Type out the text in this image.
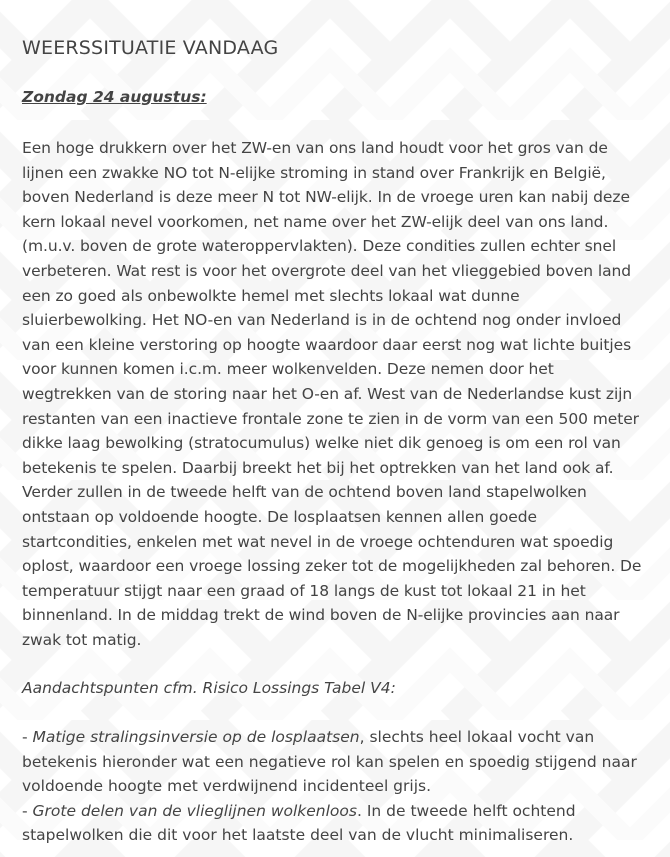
WEERSSITUATIE VANDAAG

Zondag 24 augustus:

Een hoge drukkern over het ZW-en van ons land houdt voor het gros van de lijnen een zwakke NO tot N-elijke stroming in stand over Frankrijk en België, boven Nederland is deze meer N tot NW-elijk. In de vroege uren kan nabij deze kern lokaal nevel voorkomen, net name over het ZW-elijk deel van ons land. (m.u.v. boven de grote wateroppervlakten). Deze condities zullen echter snel verbeteren. Wat rest is voor het overgrote deel van het vlieggebied boven land een zo goed als onbewolkte hemel met slechts lokaal wat dunne sluierbewolking. Het NO-en van Nederland is in de ochtend nog onder invloed van een kleine verstoring op hoogte waardoor daar eerst nog wat lichte buitjes voor kunnen komen i.c.m. meer wolkenvelden. Deze nemen door het wegtrekken van de storing naar het O-en af. West van de Nederlandse kust zijn restanten van een inactieve frontale zone te zien in de vorm van een 500 meter dikke laag bewolking (stratocumulus) welke niet dik genoeg is om een rol van betekenis te spelen. Daarbij breekt het bij het optrekken van het land ook af. Verder zullen in de tweede helft van de ochtend boven land stapelwolken ontstaan op voldoende hoogte. De losplaatsen kennen allen goede startcondities, enkelen met wat nevel in de vroege ochtenduren wat spoedig oplost, waardoor een vroege lossing zeker tot de mogelijkheden zal behoren. De temperatuur stijgt naar een graad of 18 langs de kust tot lokaal 21 in het binnenland. In de middag trekt de wind boven de N-elijke provincies aan naar zwak tot matig.

Aandachtspunten cfm. Risico Lossings Tabel V4:

- Matige stralingsinversie op de losplaatsen, slechts heel lokaal vocht van betekenis hieronder wat een negatieve rol kan spelen en spoedig stijgend naar voldoende hoogte met verdwijnend incidenteel grijs.
- Grote delen van de vlieglijnen wolkenloos. In de tweede helft ochtend stapelwolken die dit voor het laatste deel van de vlucht minimaliseren.
